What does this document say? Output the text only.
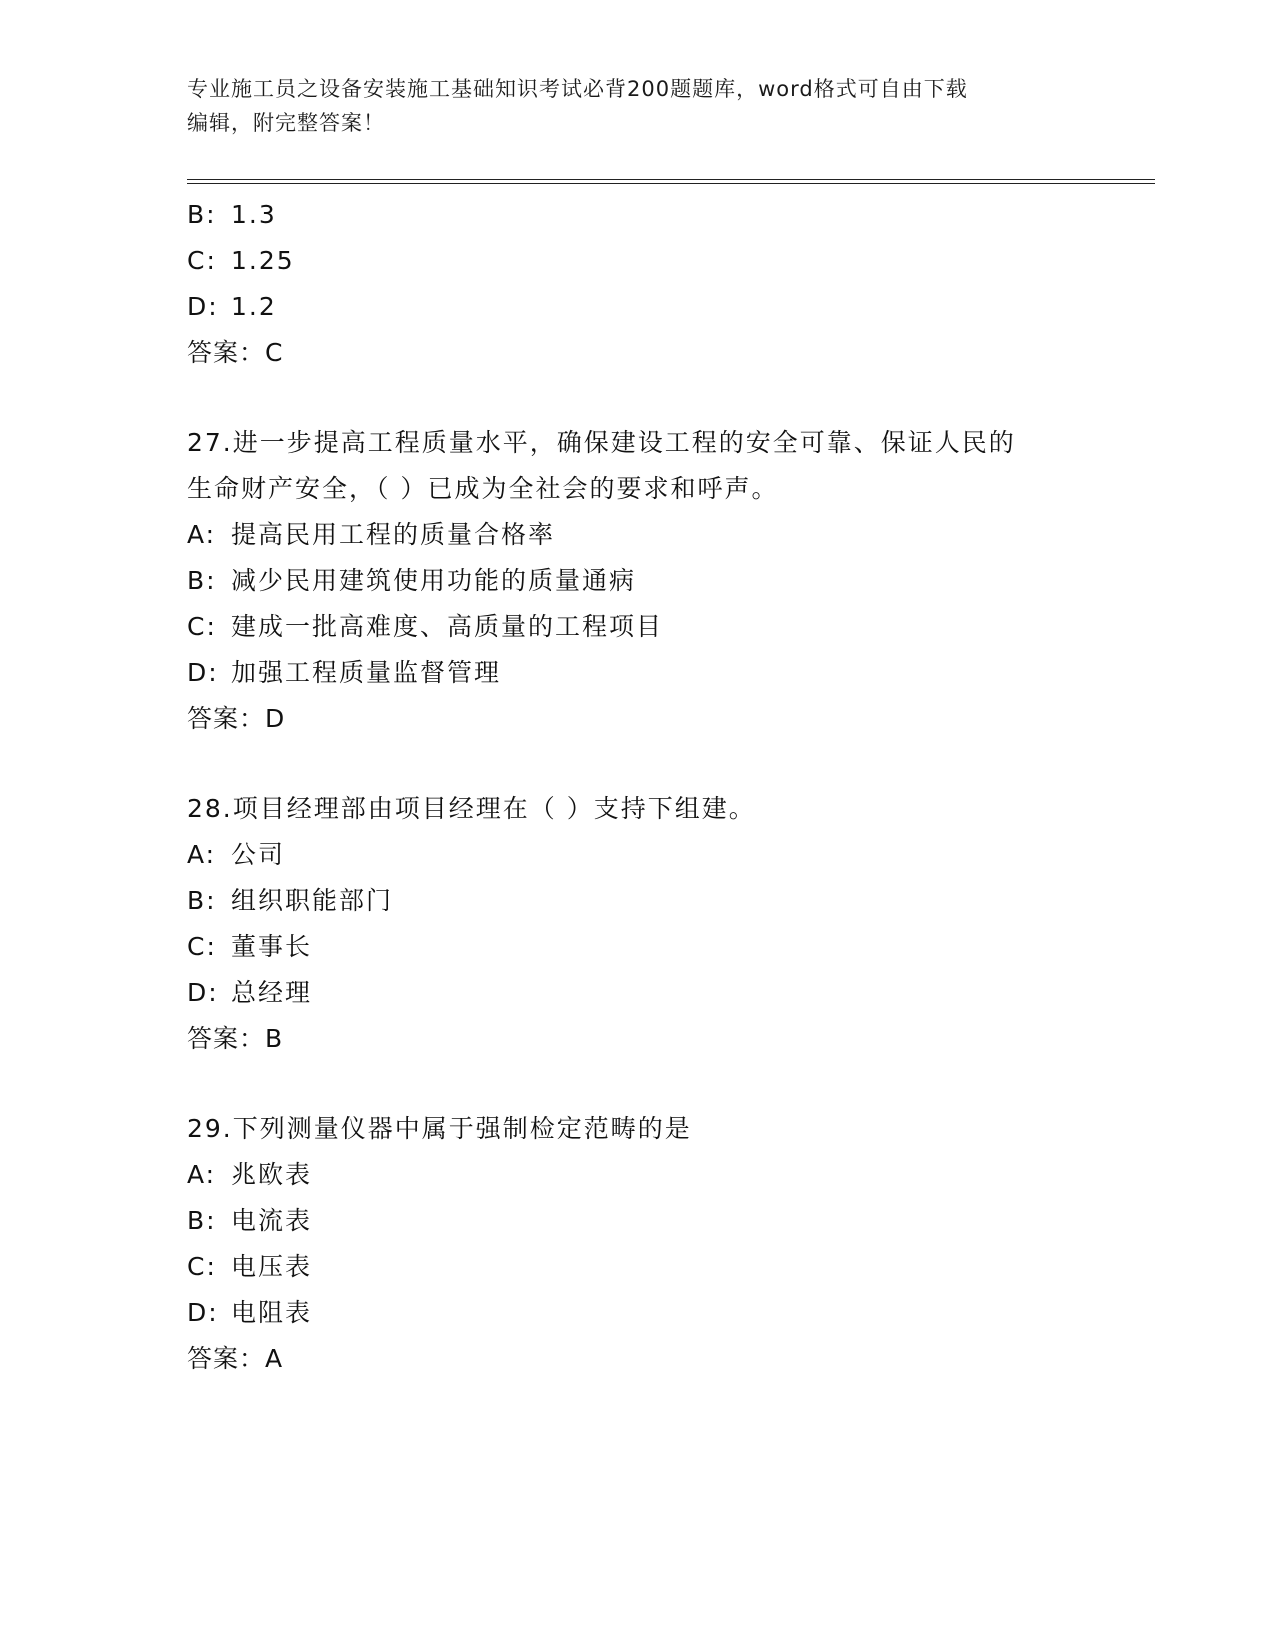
专业施工员之设备安装施工基础知识考试必背200题题库，word格式可自由下载
编辑，附完整答案！
B: 1.3
C: 1.25
D: 1.2
答案：C
27.进一步提高工程质量水平，确保建设工程的安全可靠、保证人民的
生命财产安全，（ ）已成为全社会的要求和呼声。
A: 提高民用工程的质量合格率
B: 减少民用建筑使用功能的质量通病
C: 建成一批高难度、高质量的工程项目
D: 加强工程质量监督管理
答案：D
28.项目经理部由项目经理在（ ）支持下组建。
A: 公司
B: 组织职能部门
C: 董事长
D: 总经理
答案：B
29.下列测量仪器中属于强制检定范畴的是
A: 兆欧表
B: 电流表
C: 电压表
D: 电阻表
答案：A
